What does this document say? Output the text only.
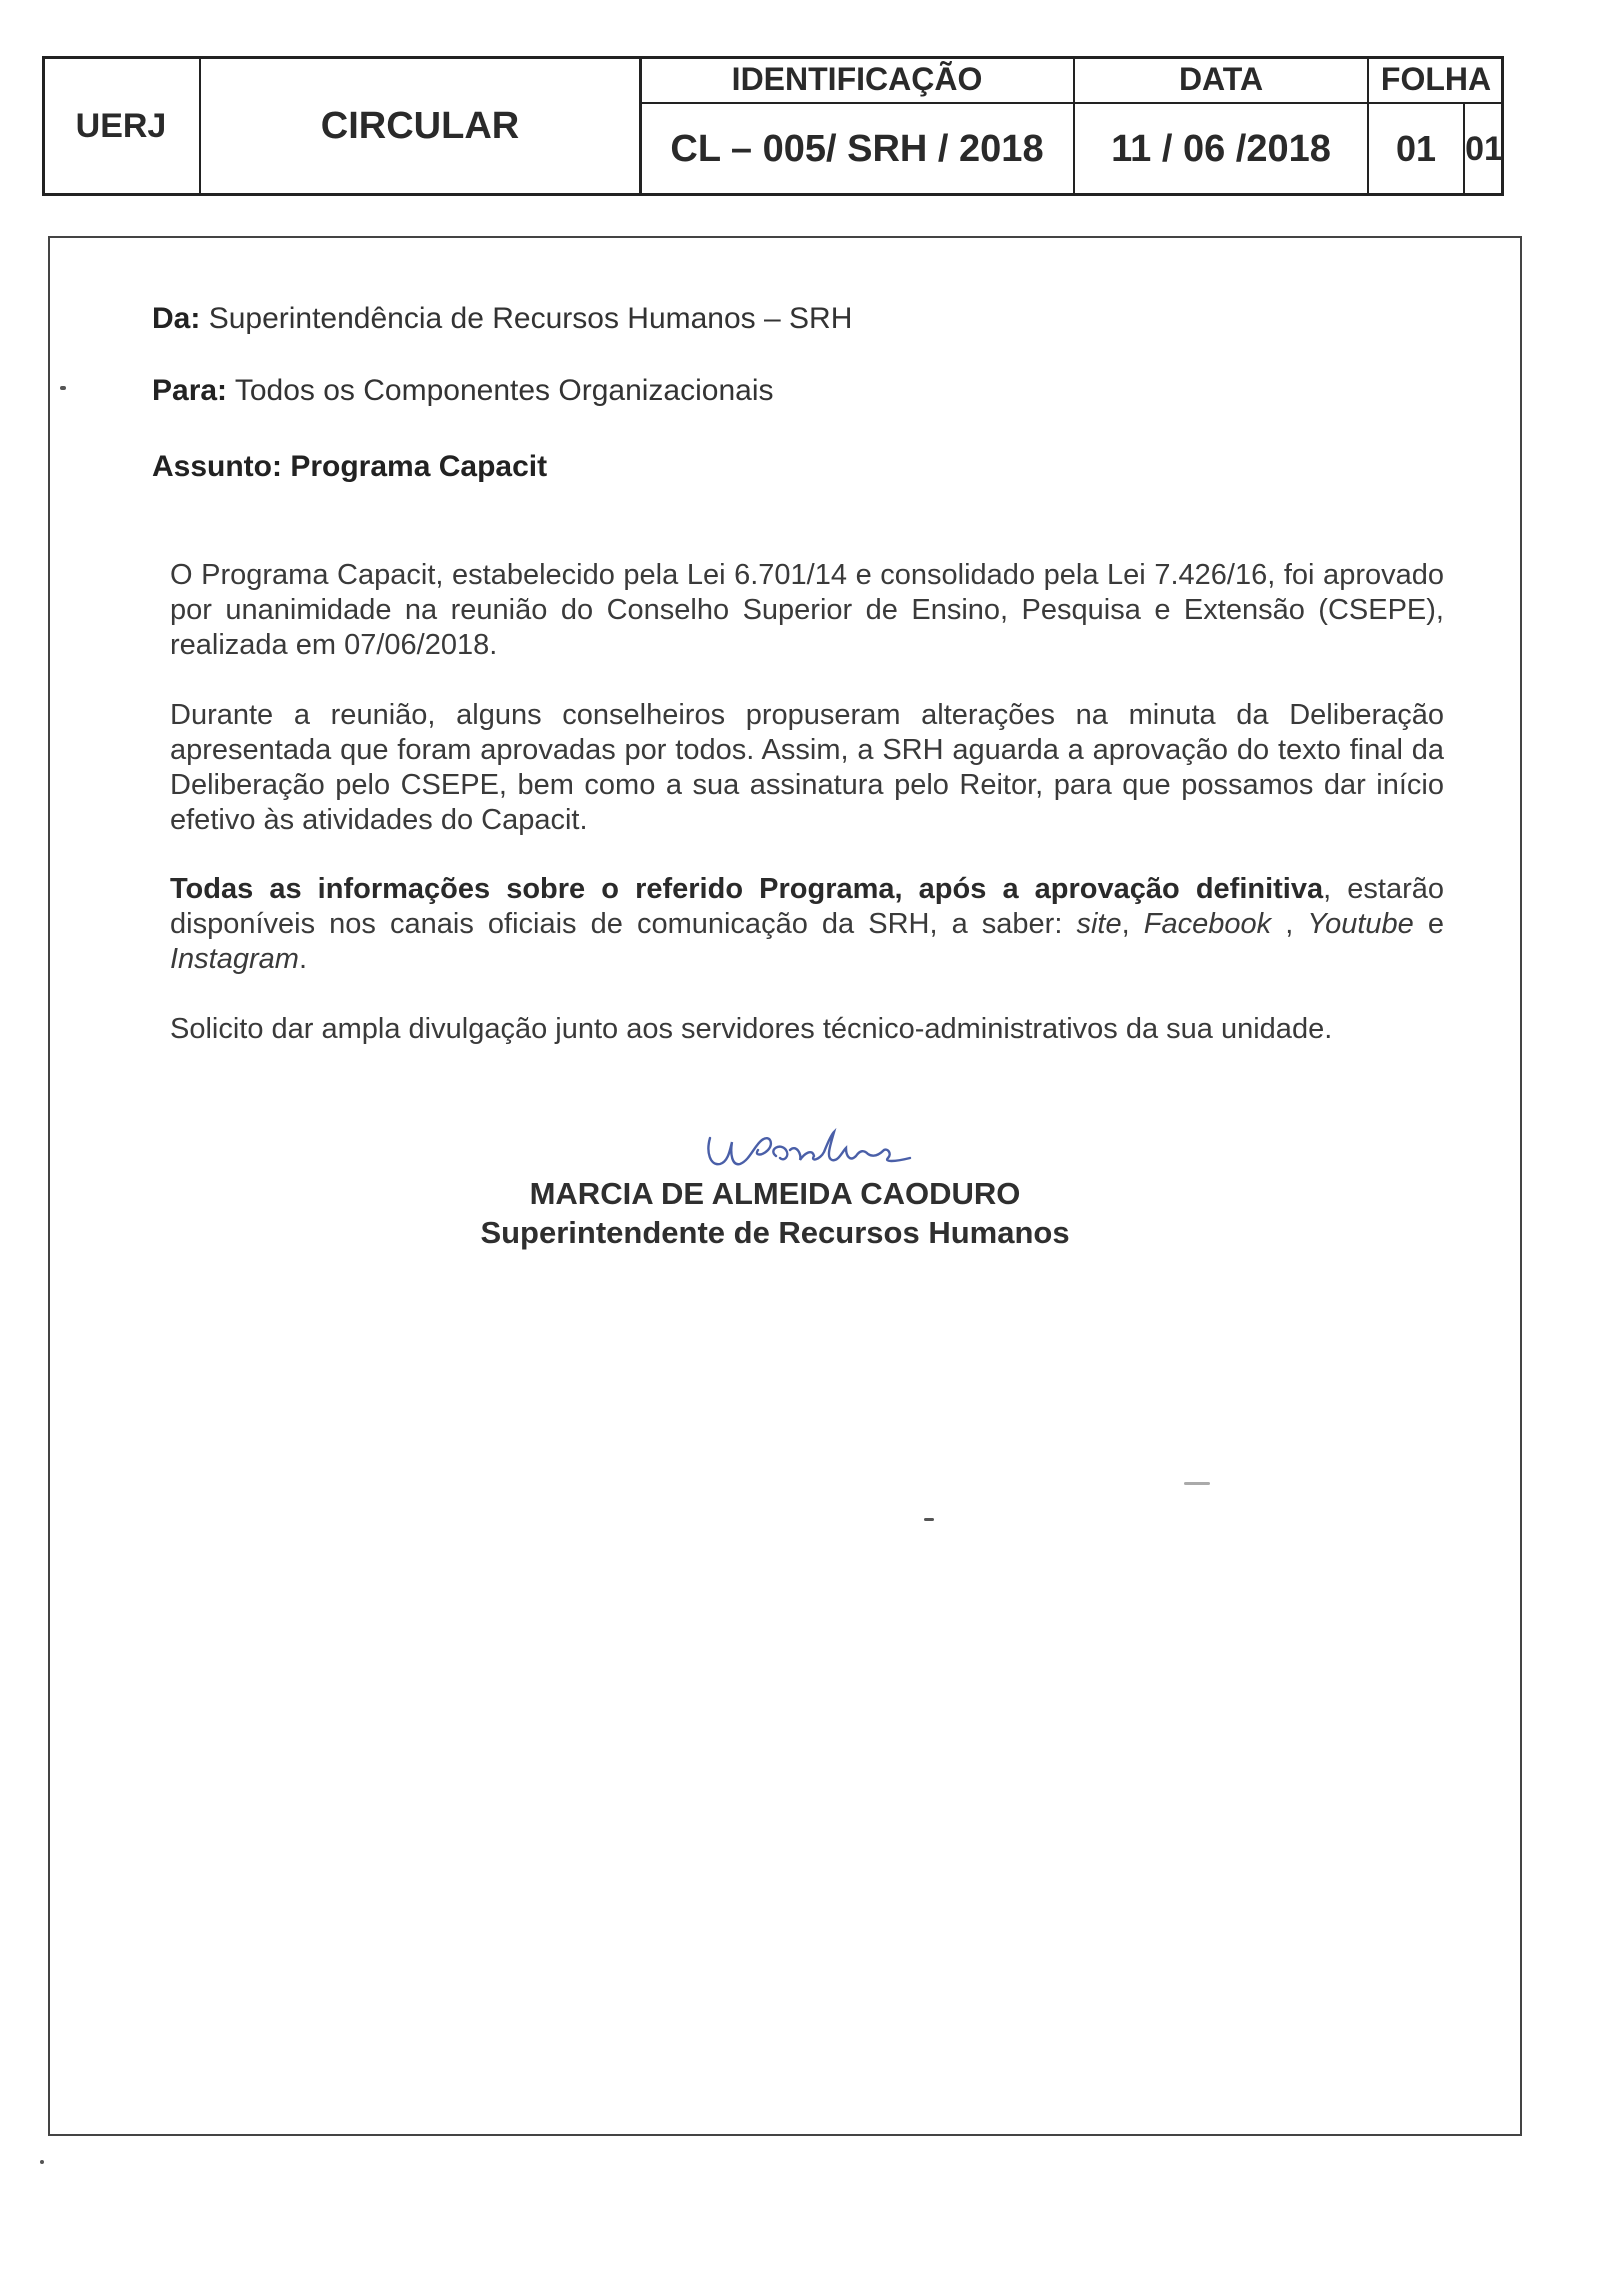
UERJ	CIRCULAR
IDENTIFICAÇÃO	DATA	FOLHA
CL – 005/ SRH / 2018	11 / 06 /2018	01 01
Da: Superintendência de Recursos Humanos – SRH
Para: Todos os Componentes Organizacionais
Assunto: Programa Capacit

O Programa Capacit, estabelecido pela Lei 6.701/14 e consolidado pela Lei 7.426/16, foi aprovado por unanimidade na reunião do Conselho Superior de Ensino, Pesquisa e Extensão (CSEPE), realizada em 07/06/2018.

Durante a reunião, alguns conselheiros propuseram alterações na minuta da Deliberação apresentada que foram aprovadas por todos. Assim, a SRH aguarda a aprovação do texto final da Deliberação pelo CSEPE, bem como a sua assinatura pelo Reitor, para que possamos dar início efetivo às atividades do Capacit.

Todas as informações sobre o referido Programa, após a aprovação definitiva, estarão disponíveis nos canais oficiais de comunicação da SRH, a saber: site, Facebook , Youtube e Instagram.

Solicito dar ampla divulgação junto aos servidores técnico-administrativos da sua unidade.

MARCIA DE ALMEIDA CAODURO
Superintendente de Recursos Humanos
